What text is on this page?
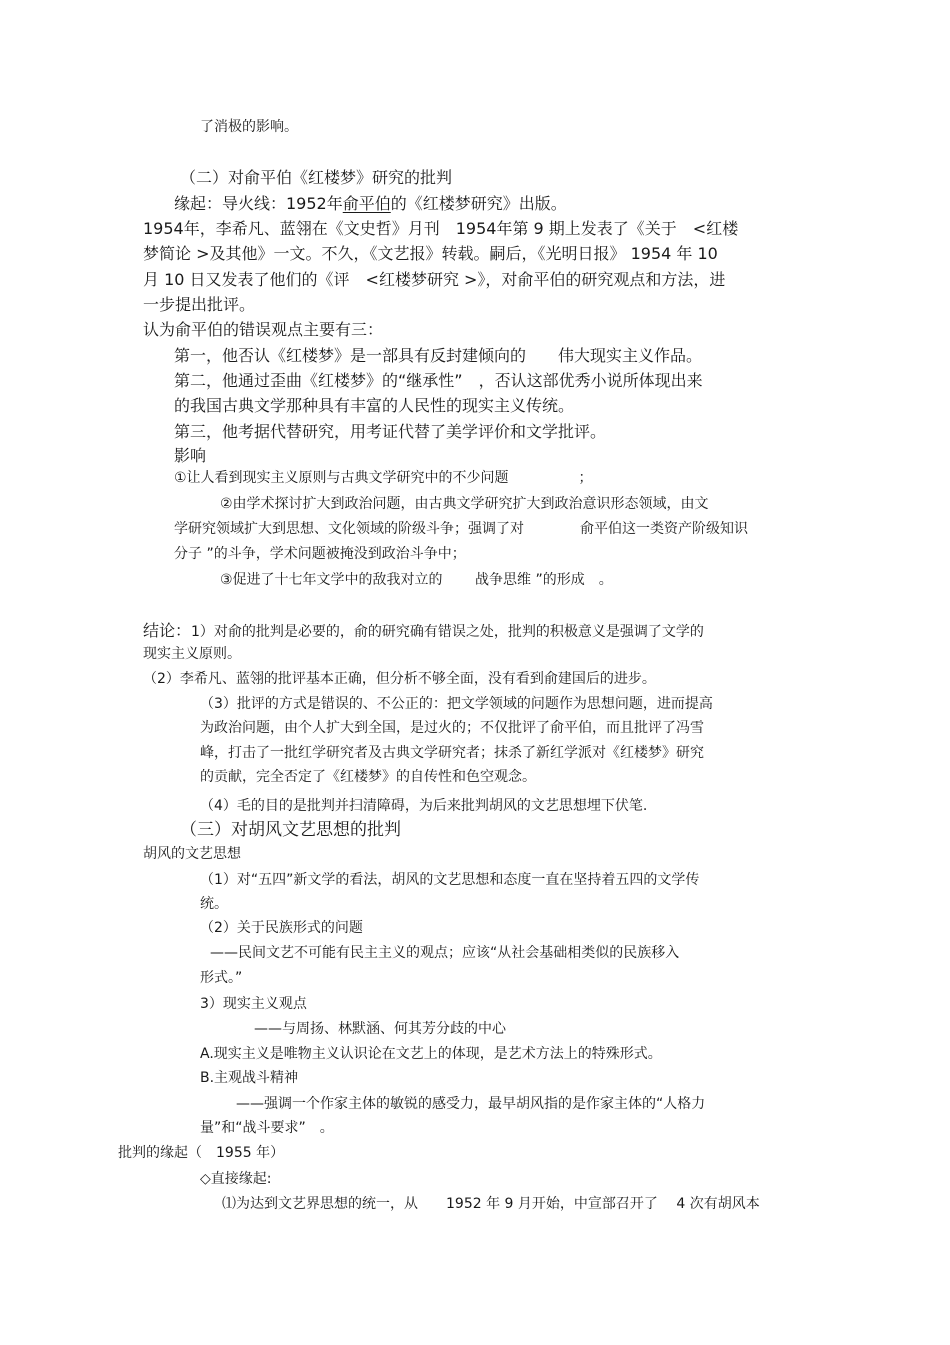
了消极的影响。
（二）对俞平伯《红楼梦》研究的批判
缘起：导火线：1952年俞平伯的《红楼梦研究》出版。
1954年，李希凡、蓝翎在《文史哲》月刊　1954年第 9 期上发表了《关于　<红楼
梦简论 >及其他》一文。不久，《文艺报》转载。嗣后，《光明日报》 1954 年 10
月 10 日又发表了他们的《评　<红楼梦研究 >》，对俞平伯的研究观点和方法，进
一步提出批评。
认为俞平伯的错误观点主要有三：
第一，他否认《红楼梦》是一部具有反封建倾向的　　伟大现实主义作品。
第二，他通过歪曲《红楼梦》的“继承性”　，否认这部优秀小说所体现出来
的我国古典文学那种具有丰富的人民性的现实主义传统。
第三，他考据代替研究，用考证代替了美学评价和文学批评。
影响
①让人看到现实主义原则与古典文学研究中的不少问题　　　　　；
②由学术探讨扩大到政治问题，由古典文学研究扩大到政治意识形态领域，由文
学研究领域扩大到思想、文化领域的阶级斗争；强调了对　　　　俞平伯这一类资产阶级知识
分子 ”的斗争，学术问题被掩没到政治斗争中；
③促进了十七年文学中的敌我对立的　　 战争思维 ”的形成　。
结论：1）对俞的批判是必要的，俞的研究确有错误之处，批判的积极意义是强调了文学的
现实主义原则。
（2）李希凡、蓝翎的批评基本正确，但分析不够全面，没有看到俞建国后的进步。
（3）批评的方式是错误的、不公正的：把文学领域的问题作为思想问题，进而提高
为政治问题，由个人扩大到全国，是过火的；不仅批评了俞平伯，而且批评了冯雪
峰，打击了一批红学研究者及古典文学研究者；抹杀了新红学派对《红楼梦》研究
的贡献，完全否定了《红楼梦》的自传性和色空观念。
（4）毛的目的是批判并扫清障碍，为后来批判胡风的文艺思想埋下伏笔.
（三）对胡风文艺思想的批判
胡风的文艺思想
（1）对“五四”新文学的看法，胡风的文艺思想和态度一直在坚持着五四的文学传
统。
（2）关于民族形式的问题
——民间文艺不可能有民主主义的观点；应该“从社会基础相类似的民族移入
形式。”
3）现实主义观点
——与周扬、林默涵、何其芳分歧的中心
A.现实主义是唯物主义认识论在文艺上的体现，是艺术方法上的特殊形式。
B.主观战斗精神
——强调一个作家主体的敏锐的感受力，最早胡风指的是作家主体的“人格力
量”和“战斗要求”　。
批判的缘起（　1955 年）
◇直接缘起:
⑴为达到文艺界思想的统一，从　　1952 年 9 月开始，中宣部召开了　 4 次有胡风本
